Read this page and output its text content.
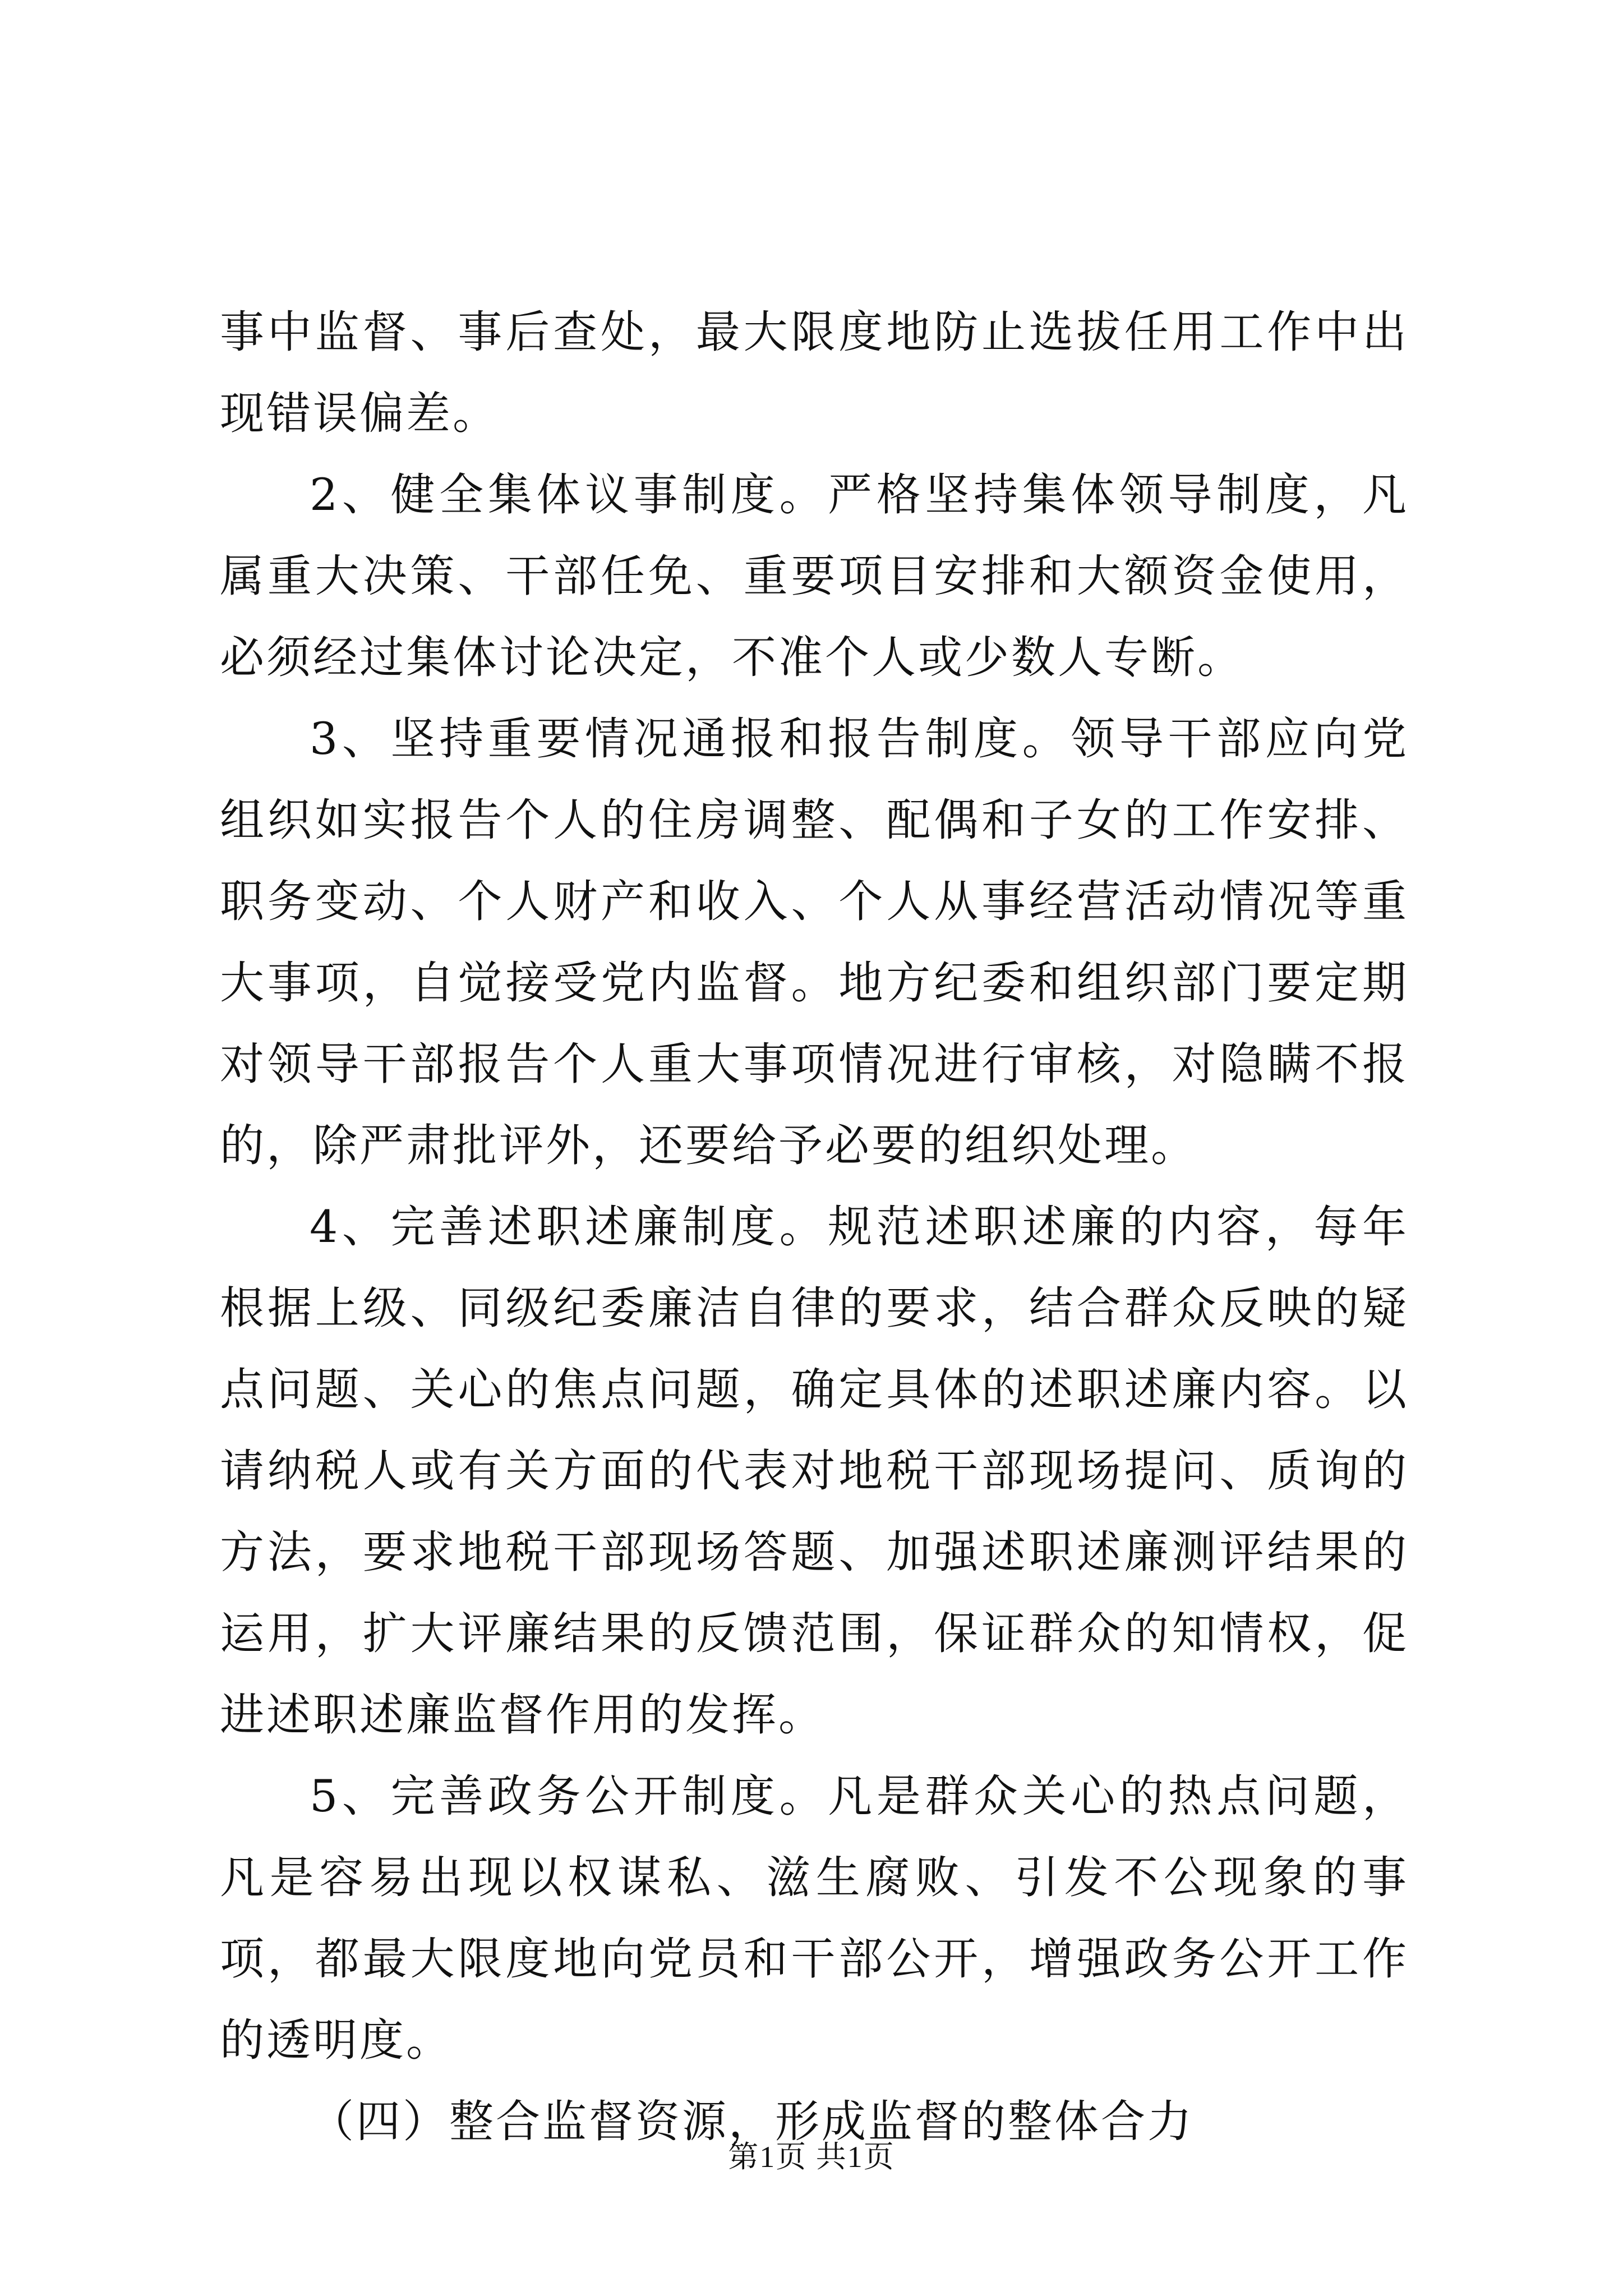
事中监督、事后查处，最大限度地防止选拔任用工作中出现错误偏差。

2、健全集体议事制度。严格坚持集体领导制度，凡属重大决策、干部任免、重要项目安排和大额资金使用，必须经过集体讨论决定，不准个人或少数人专断。

3、坚持重要情况通报和报告制度。领导干部应向党组织如实报告个人的住房调整、配偶和子女的工作安排、职务变动、个人财产和收入、个人从事经营活动情况等重大事项，自觉接受党内监督。地方纪委和组织部门要定期对领导干部报告个人重大事项情况进行审核，对隐瞒不报的，除严肃批评外，还要给予必要的组织处理。

4、完善述职述廉制度。规范述职述廉的内容，每年根据上级、同级纪委廉洁自律的要求，结合群众反映的疑点问题、关心的焦点问题，确定具体的述职述廉内容。以请纳税人或有关方面的代表对地税干部现场提问、质询的方法，要求地税干部现场答题、加强述职述廉测评结果的运用，扩大评廉结果的反馈范围，保证群众的知情权，促进述职述廉监督作用的发挥。

5、完善政务公开制度。凡是群众关心的热点问题，凡是容易出现以权谋私、滋生腐败、引发不公现象的事项，都最大限度地向党员和干部公开，增强政务公开工作的透明度。

（四）整合监督资源，形成监督的整体合力

第1页 共1页
